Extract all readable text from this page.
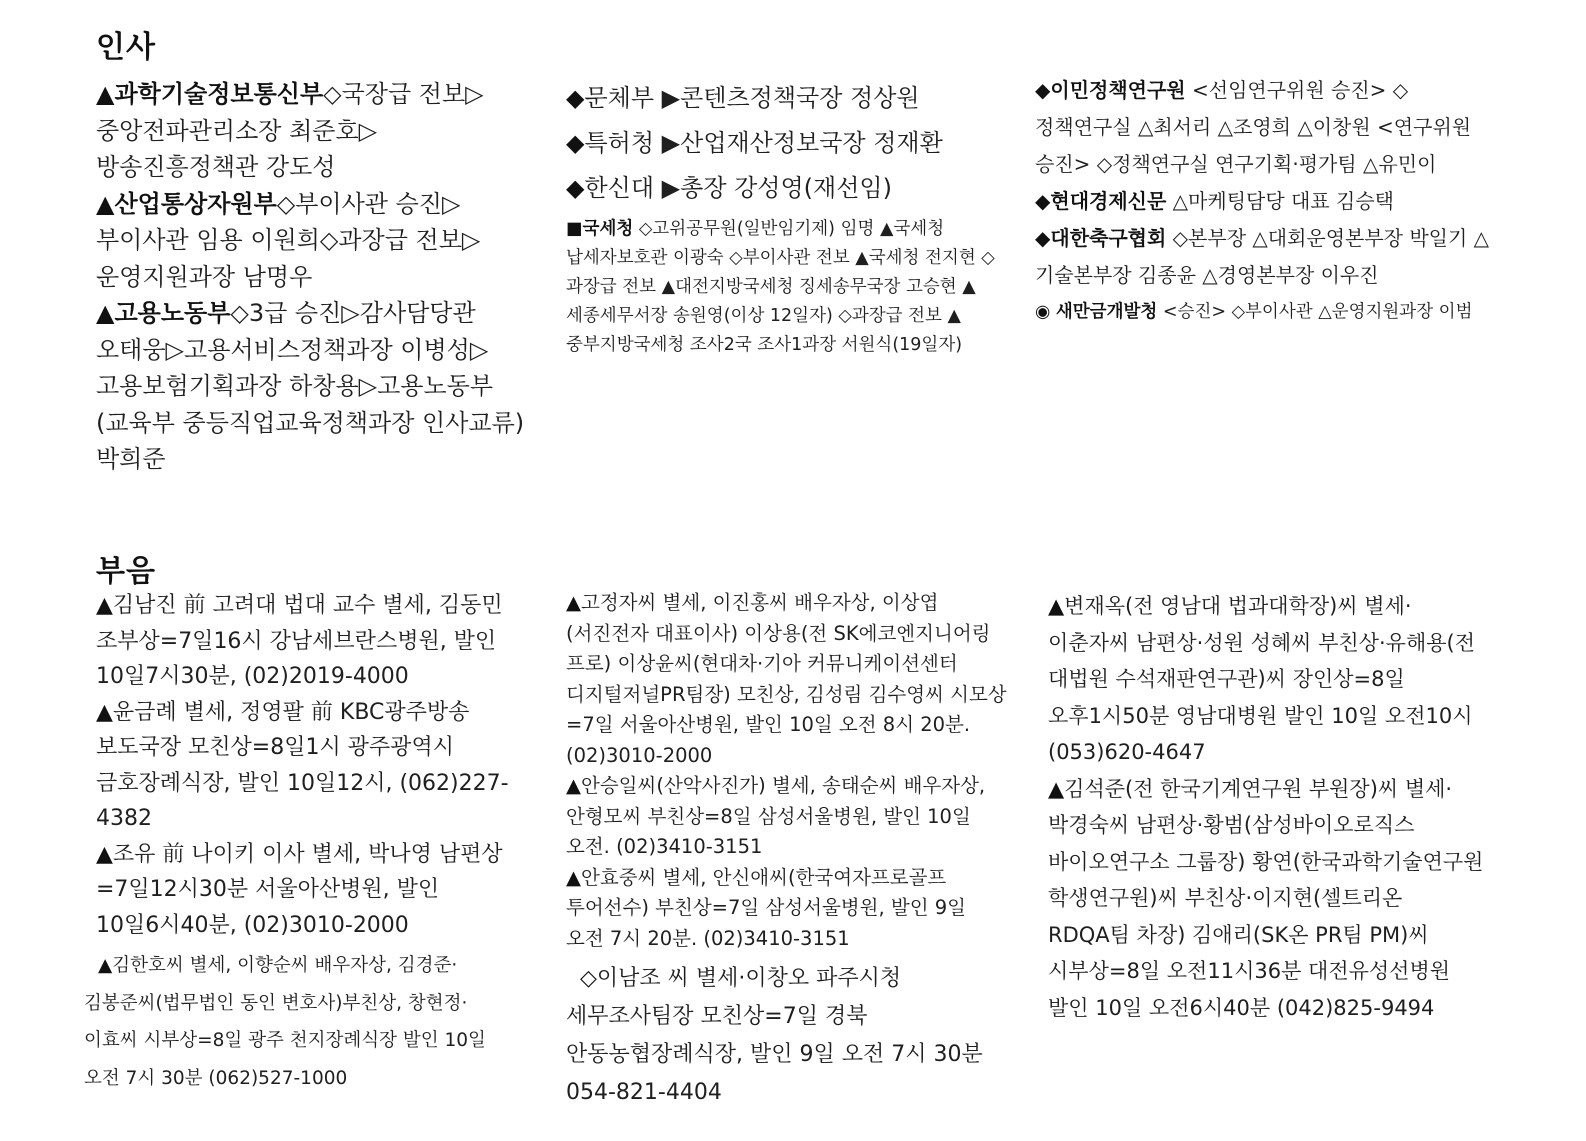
인사

▲과학기술정보통신부◇국장급 전보▷중앙전파관리소장 최준호▷방송진흥정책관 강도성

▲산업통상자원부◇부이사관 승진▷부이사관 임용 이원희◇과장급 전보▷운영지원과장 남명우

▲고용노동부◇3급 승진▷감사담당관 오태웅▷고용서비스정책과장 이병성▷고용보험기획과장 하창용▷고용노동부(교육부 중등직업교육정책과장 인사교류) 박희준

◆문체부 ▶콘텐츠정책국장 정상원

◆특허청 ▶산업재산정보국장 정재환

◆한신대 ▶총장 강성영(재선임)

■국세청 ◇고위공무원(일반임기제) 임명 ▲국세청 납세자보호관 이광숙 ◇부이사관 전보 ▲국세청 전지현 ◇과장급 전보 ▲대전지방국세청 징세송무국장 고승현 ▲세종세무서장 송원영(이상 12일자) ◇과장급 전보 ▲중부지방국세청 조사2국 조사1과장 서원식(19일자)

◆이민정책연구원 <선임연구위원 승진> ◇정책연구실 △최서리 △조영희 △이창원 <연구위원 승진> ◇정책연구실 연구기획·평가팀 △유민이

◆현대경제신문 △마케팅담당 대표 김승택

◆대한축구협회 ◇본부장 △대회운영본부장 박일기 △기술본부장 김종윤 △경영본부장 이우진

◉ 새만금개발청 <승진> ◇부이사관 △운영지원과장 이범

부음

▲김남진 前 고려대 법대 교수 별세, 김동민 조부상=7일16시 강남세브란스병원, 발인 10일7시30분, (02)2019-4000

▲윤금례 별세, 정영팔 前 KBC광주방송 보도국장 모친상=8일1시 광주광역시 금호장례식장, 발인 10일12시, (062)227-4382

▲조유 前 나이키 이사 별세, 박나영 남편상=7일12시30분 서울아산병원, 발인 10일6시40분, (02)3010-2000

▲김한호씨 별세, 이향순씨 배우자상, 김경준·김봉준씨(법무법인 동인 변호사)부친상, 창현정·이효씨 시부상=8일 광주 천지장례식장 발인 10일 오전 7시 30분 (062)527-1000

▲고정자씨 별세, 이진홍씨 배우자상, 이상엽(서진전자 대표이사) 이상용(전 SK에코엔지니어링 프로) 이상윤씨(현대차·기아 커뮤니케이션센터 디지털저널PR팀장) 모친상, 김성림 김수영씨 시모상=7일 서울아산병원, 발인 10일 오전 8시 20분. (02)3010-2000

▲안승일씨(산악사진가) 별세, 송태순씨 배우자상, 안형모씨 부친상=8일 삼성서울병원, 발인 10일 오전. (02)3410-3151

▲안효중씨 별세, 안신애씨(한국여자프로골프 투어선수) 부친상=7일 삼성서울병원, 발인 9일 오전 7시 20분. (02)3410-3151

◇이남조 씨 별세·이창오 파주시청 세무조사팀장 모친상=7일 경북 안동농협장례식장, 발인 9일 오전 7시 30분 054-821-4404

▲변재옥(전 영남대 법과대학장)씨 별세·이춘자씨 남편상·성원 성혜씨 부친상·유해용(전 대법원 수석재판연구관)씨 장인상=8일 오후1시50분 영남대병원 발인 10일 오전10시 (053)620-4647

▲김석준(전 한국기계연구원 부원장)씨 별세·박경숙씨 남편상·황범(삼성바이오로직스 바이오연구소 그룹장) 황연(한국과학기술연구원 학생연구원)씨 부친상·이지현(셀트리온 RDQA팀 차장) 김애리(SK온 PR팀 PM)씨 시부상=8일 오전11시36분 대전유성선병원 발인 10일 오전6시40분 (042)825-9494
